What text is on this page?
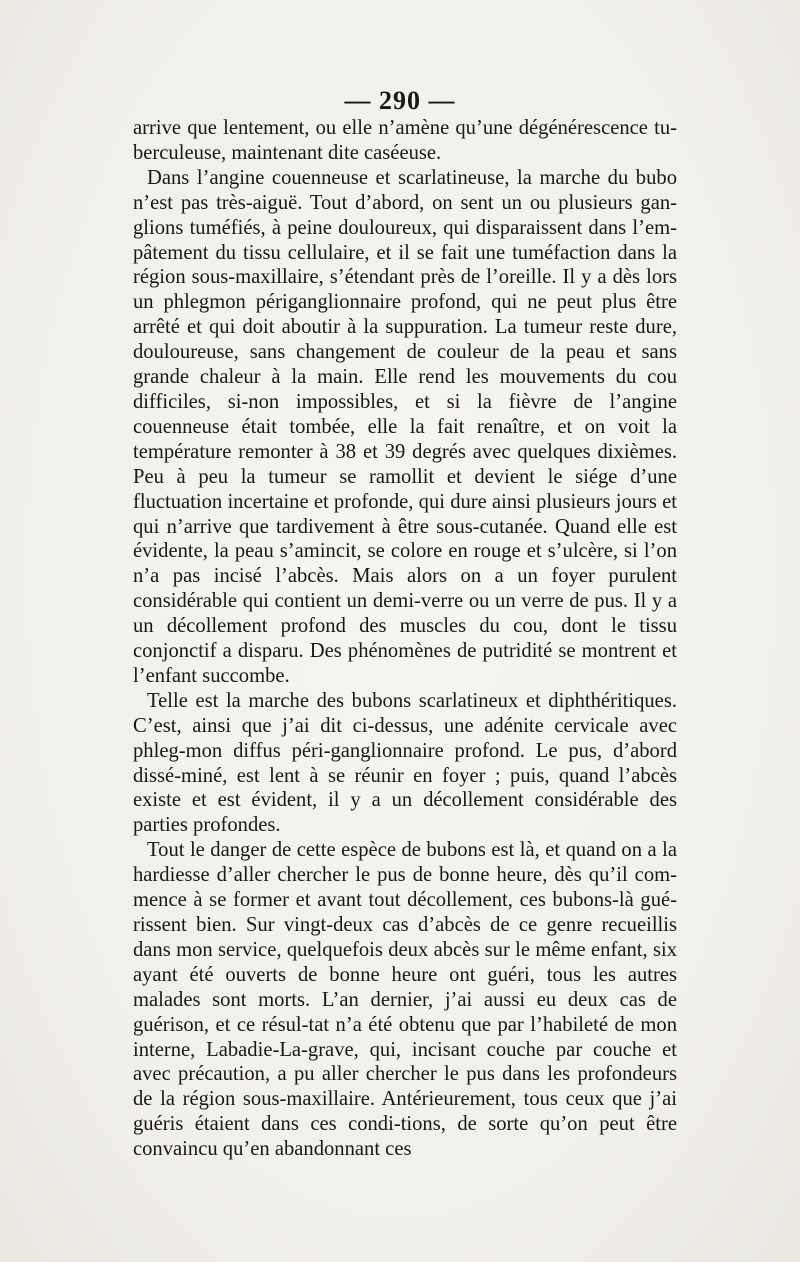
— 290 —
arrive que lentement, ou elle n’amène qu’une dégénérescence tu-berculeuse, maintenant dite caséeuse.
Dans l’angine couenneuse et scarlatineuse, la marche du bubo n’est pas très-aiguë. Tout d’abord, on sent un ou plusieurs gan-glions tuméfiés, à peine douloureux, qui disparaissent dans l’em-pâtement du tissu cellulaire, et il se fait une tuméfaction dans la région sous-maxillaire, s’étendant près de l’oreille. Il y a dès lors un phlegmon périganglionnaire profond, qui ne peut plus être arrêté et qui doit aboutir à la suppuration. La tumeur reste dure, douloureuse, sans changement de couleur de la peau et sans grande chaleur à la main. Elle rend les mouvements du cou difficiles, si-non impossibles, et si la fièvre de l’angine couenneuse était tombée, elle la fait renaître, et on voit la température remonter à 38 et 39 degrés avec quelques dixièmes. Peu à peu la tumeur se ramollit et devient le siége d’une fluctuation incertaine et profonde, qui dure ainsi plusieurs jours et qui n’arrive que tardivement à être sous-cutanée. Quand elle est évidente, la peau s’amincit, se colore en rouge et s’ulcère, si l’on n’a pas incisé l’abcès. Mais alors on a un foyer purulent considérable qui contient un demi-verre ou un verre de pus. Il y a un décollement profond des muscles du cou, dont le tissu conjonctif a disparu. Des phénomènes de putridité se montrent et l’enfant succombe.
Telle est la marche des bubons scarlatineux et diphthéritiques. C’est, ainsi que j’ai dit ci-dessus, une adénite cervicale avec phleg-mon diffus péri-ganglionnaire profond. Le pus, d’abord dissé-miné, est lent à se réunir en foyer ; puis, quand l’abcès existe et est évident, il y a un décollement considérable des parties profondes.
Tout le danger de cette espèce de bubons est là, et quand on a la hardiesse d’aller chercher le pus de bonne heure, dès qu’il com-mence à se former et avant tout décollement, ces bubons-là gué-rissent bien. Sur vingt-deux cas d’abcès de ce genre recueillis dans mon service, quelquefois deux abcès sur le même enfant, six ayant été ouverts de bonne heure ont guéri, tous les autres malades sont morts. L’an dernier, j’ai aussi eu deux cas de guérison, et ce résul-tat n’a été obtenu que par l’habileté de mon interne, Labadie-La-grave, qui, incisant couche par couche et avec précaution, a pu aller chercher le pus dans les profondeurs de la région sous-maxillaire. Antérieurement, tous ceux que j’ai guéris étaient dans ces condi-tions, de sorte qu’on peut être convaincu qu’en abandonnant ces
